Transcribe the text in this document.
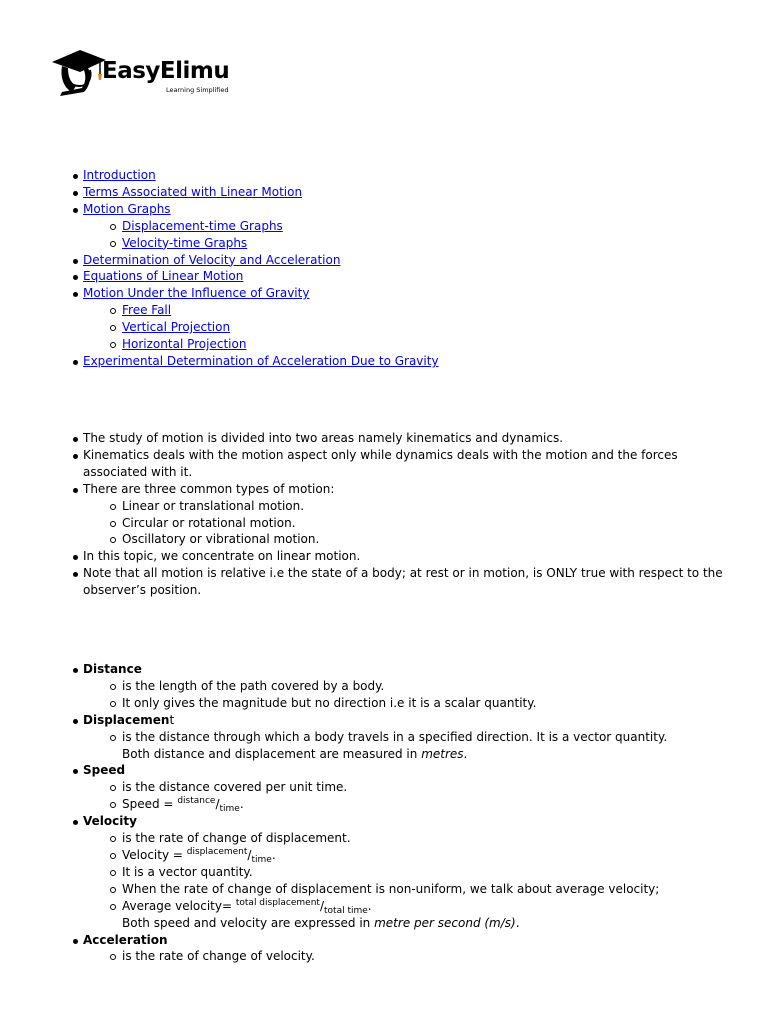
EasyElimu
Learning Simplified
Introduction
Terms Associated with Linear Motion
Motion Graphs
Displacement-time Graphs
Velocity-time Graphs
Determination of Velocity and Acceleration
Equations of Linear Motion
Motion Under the Influence of Gravity
Free Fall
Vertical Projection
Horizontal Projection
Experimental Determination of Acceleration Due to Gravity
The study of motion is divided into two areas namely kinematics and dynamics.
Kinematics deals with the motion aspect only while dynamics deals with the motion and the forces associated with it.
There are three common types of motion:
Linear or translational motion.
Circular or rotational motion.
Oscillatory or vibrational motion.
In this topic, we concentrate on linear motion.
Note that all motion is relative i.e the state of a body; at rest or in motion, is ONLY true with respect to the observer’s position.
Distance
is the length of the path covered by a body.
It only gives the magnitude but no direction i.e it is a scalar quantity.
Displacement
is the distance through which a body travels in a specified direction. It is a vector quantity.
Both distance and displacement are measured in metres.
Speed
is the distance covered per unit time.
Speed = $^{distance}/_{time}$.
Velocity
is the rate of change of displacement.
Velocity = $^{displacement}/_{time}$.
It is a vector quantity.
When the rate of change of displacement is non-uniform, we talk about average velocity;
Average velocity= $^{total displacement}/_{total time}$.
Both speed and velocity are expressed in metre per second (m/s).
Acceleration
is the rate of change of velocity.
